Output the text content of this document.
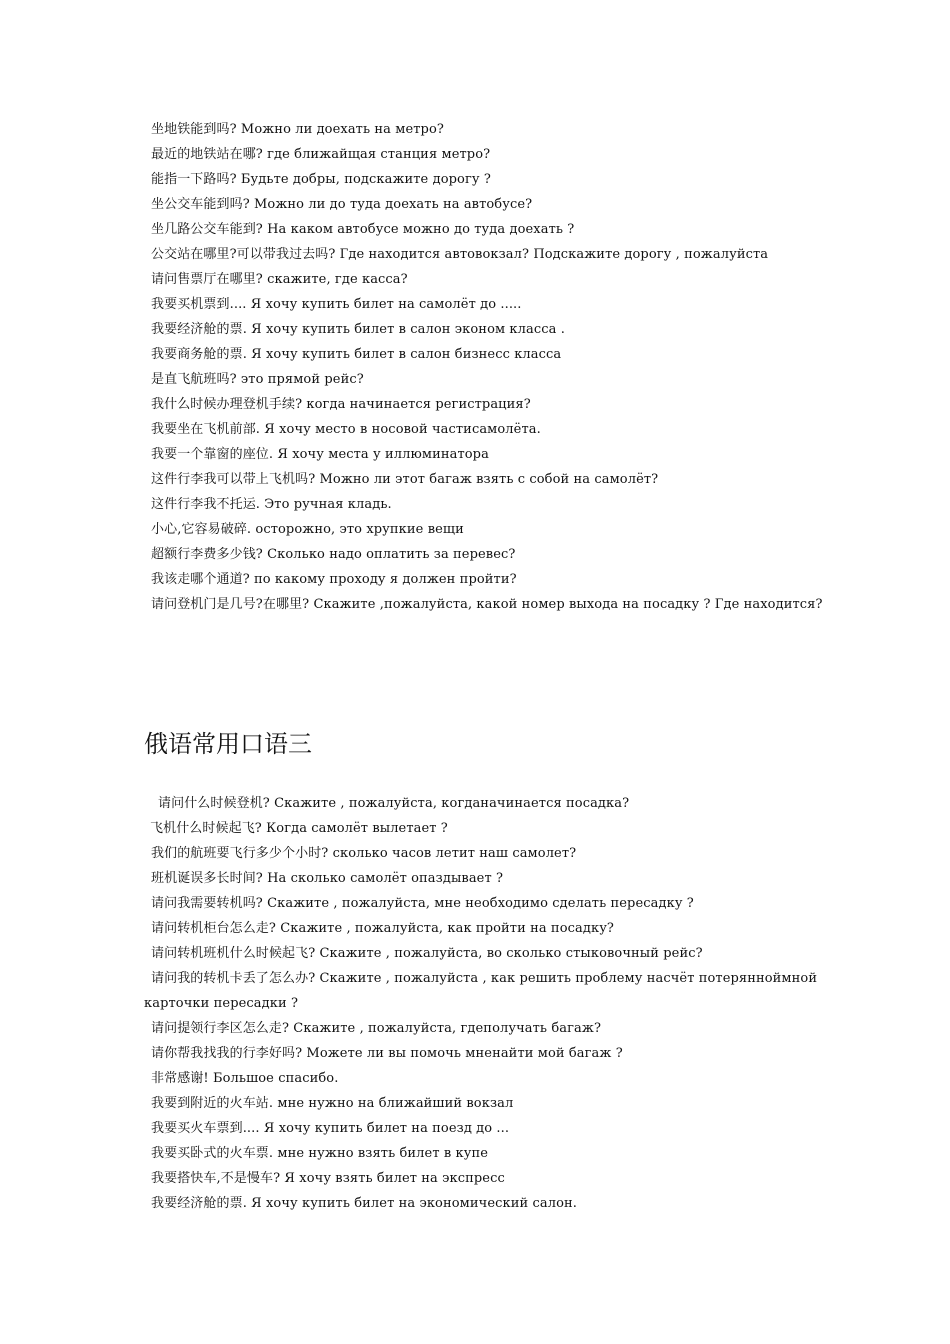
坐地铁能到吗? Можно ли доехать на метро?
最近的地铁站在哪? где ближайщая станция метро?
能指一下路吗? Будьте добры, подскажите дорогу ?
坐公交车能到吗? Можно ли до туда доехать на автобусе?
坐几路公交车能到? На каком автобусе можно до туда доехать ?
公交站在哪里?可以带我过去吗? Где находится автовокзал? Подскажите дорогу , пожалуйста
请问售票厅在哪里? скажите, где касса?
我要买机票到.... Я хочу купить билет на самолёт до .....
我要经济舱的票. Я хочу купить билет в салон эконом класса .
我要商务舱的票. Я хочу купить билет в салон бизнесс класса
是直飞航班吗? это прямой рейс?
我什么时候办理登机手续? когда начинается регистрация?
我要坐在飞机前部. Я хочу место в носовой частисамолёта.
我要一个靠窗的座位. Я хочу места у иллюминатора
这件行李我可以带上飞机吗? Можно ли этот багаж взять с собой на самолёт?
这件行李我不托运. Это ручная кладь.
小心,它容易破碎. осторожно, это хрупкие вещи
超额行李费多少钱? Сколько надо оплатить за перевес?
我该走哪个通道? по какому проходу я должен пройти?
请问登机门是几号?在哪里? Скажите ,пожалуйста, какой номер выхода на посадку ? Где находится?
俄语常用口语三
请问什么时候登机? Скажите , пожалуйста, когданачинается посадка?
飞机什么时候起飞? Когда самолёт вылетает ?
我们的航班要飞行多少个小时? сколько часов летит наш самолет?
班机诞误多长时间? На сколько самолёт опаздывает ?
请问我需要转机吗? Скажите , пожалуйста, мне необходимо сделать пересадку ?
请问转机柜台怎么走? Скажите , пожалуйста, как пройти на посадку?
请问转机班机什么时候起飞? Скажите , пожалуйста, во сколько стыковочный рейс?
请问我的转机卡丢了怎么办? Скажите , пожалуйста , как решить проблему насчёт потерянноймной
карточки пересадки ?
请问提领行李区怎么走? Скажите , пожалуйста, гдеполучать багаж?
请你帮我找我的行李好吗? Можете ли вы помочь мненайти мой багаж ?
非常感谢! Большое спасибо.
我要到附近的火车站. мне нужно на ближайший вокзал
我要买火车票到.... Я хочу купить билет на поезд до ...
我要买卧式的火车票. мне нужно взять билет в купе
我要搭快车,不是慢车? Я хочу взять билет на экспресс
我要经济舱的票. Я хочу купить билет на экономический салон.
